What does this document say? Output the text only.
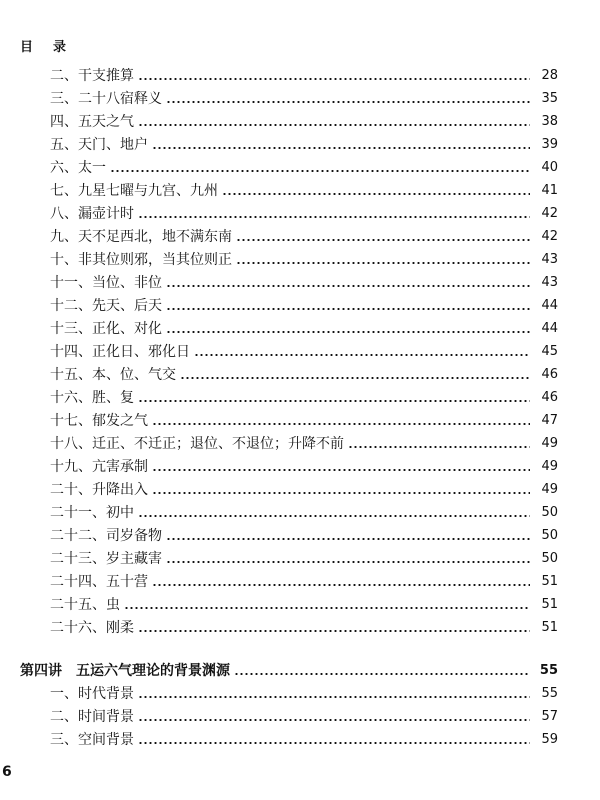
目 录
二、干支推算	28
三、二十八宿释义	35
四、五天之气	38
五、天门、地户	39
六、太一	40
七、九星七曜与九宫、九州	41
八、漏壶计时	42
九、天不足西北，地不满东南	42
十、非其位则邪，当其位则正	43
十一、当位、非位	43
十二、先天、后天	44
十三、正化、对化	44
十四、正化日、邪化日	45
十五、本、位、气交	46
十六、胜、复	46
十七、郁发之气	47
十八、迁正、不迁正；退位、不退位；升降不前	49
十九、亢害承制	49
二十、升降出入	49
二十一、初中	50
二十二、司岁备物	50
二十三、岁主藏害	50
二十四、五十营	51
二十五、虫	51
二十六、刚柔	51
第四讲　五运六气理论的背景渊源	55
一、时代背景	55
二、时间背景	57
三、空间背景	59
6
